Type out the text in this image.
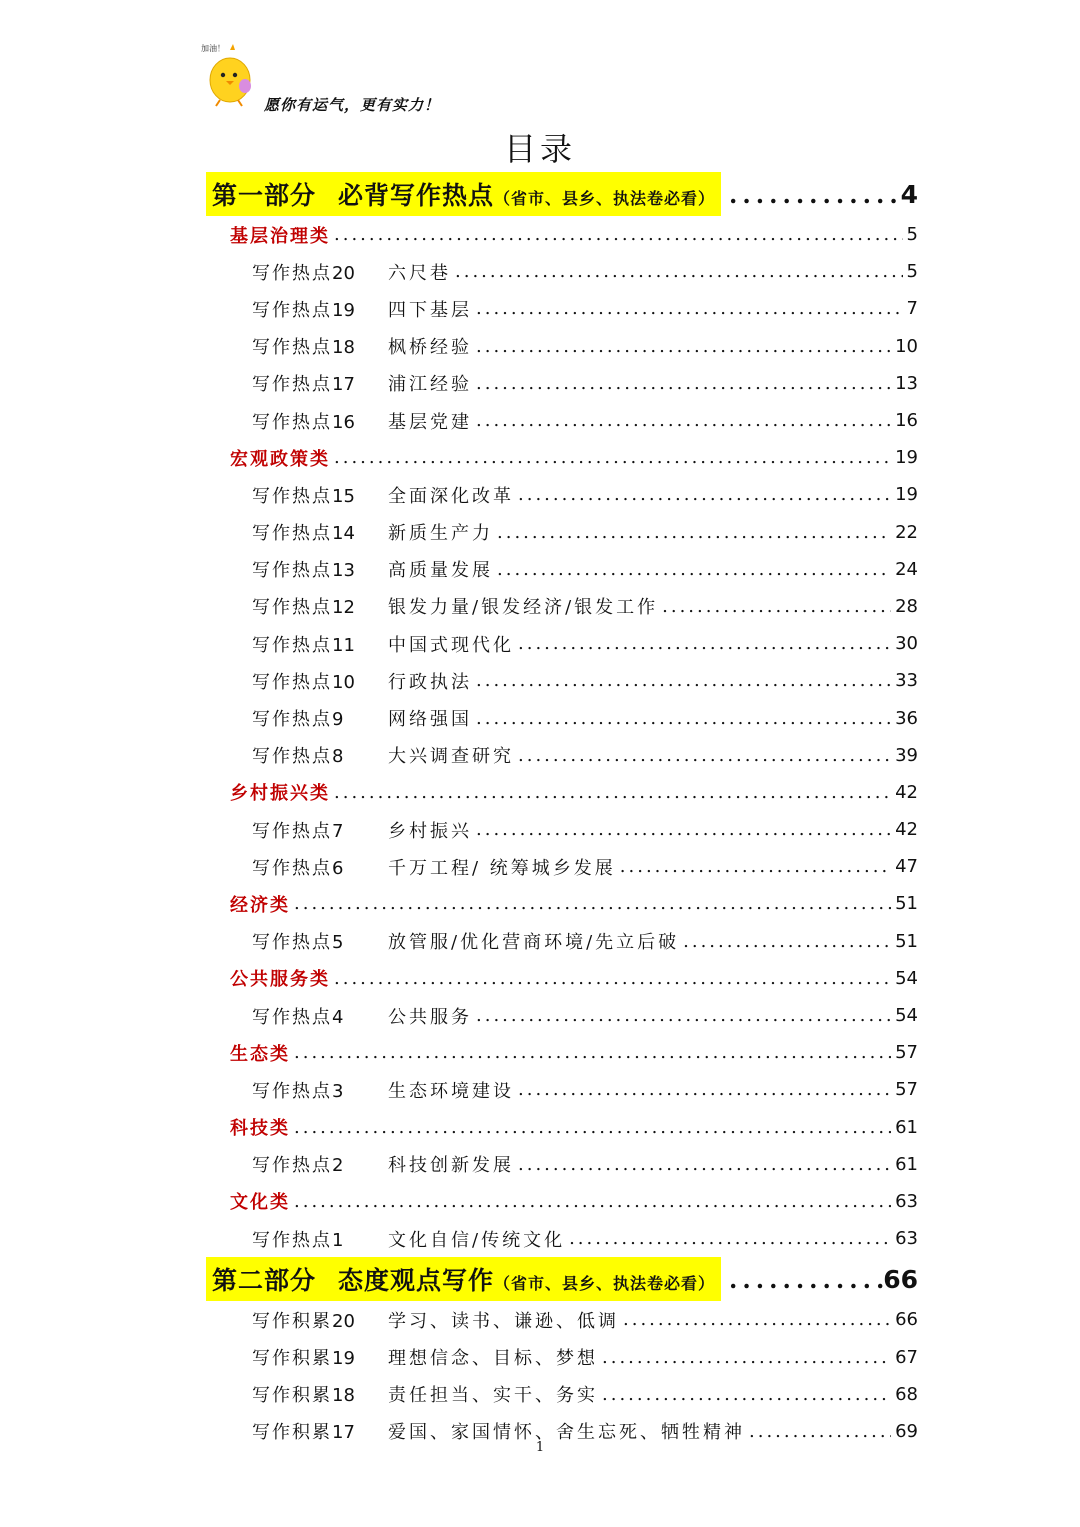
加油！
愿你有运气，更有实力！
目录
第一部分 必背写作热点（省市、县乡、执法卷必看） .....	4
基层治理类 .....	5
写作热点20	六尺巷 .....	5
写作热点19	四下基层 .....	7
写作热点18	枫桥经验 .....	10
写作热点17	浦江经验 .....	13
写作热点16	基层党建 .....	16
宏观政策类 .....	19
写作热点15	全面深化改革 .....	19
写作热点14	新质生产力 .....	22
写作热点13	高质量发展 .....	24
写作热点12	银发力量/银发经济/银发工作 .....	28
写作热点11	中国式现代化 .....	30
写作热点10	行政执法 .....	33
写作热点9	网络强国 .....	36
写作热点8	大兴调查研究 .....	39
乡村振兴类 .....	42
写作热点7	乡村振兴 .....	42
写作热点6	千万工程/ 统筹城乡发展 .....	47
经济类 .....	51
写作热点5	放管服/优化营商环境/先立后破 .....	51
公共服务类 .....	54
写作热点4	公共服务 .....	54
生态类 .....	57
写作热点3	生态环境建设 .....	57
科技类 .....	61
写作热点2	科技创新发展 .....	61
文化类 .....	63
写作热点1	文化自信/传统文化 .....	63
第二部分 态度观点写作（省市、县乡、执法卷必看） .....	66
写作积累20	学习、读书、谦逊、低调 .....	66
写作积累19	理想信念、目标、梦想 .....	67
写作积累18	责任担当、实干、务实 .....	68
写作积累17	爱国、家国情怀、舍生忘死、牺牲精神 .....	69
1
